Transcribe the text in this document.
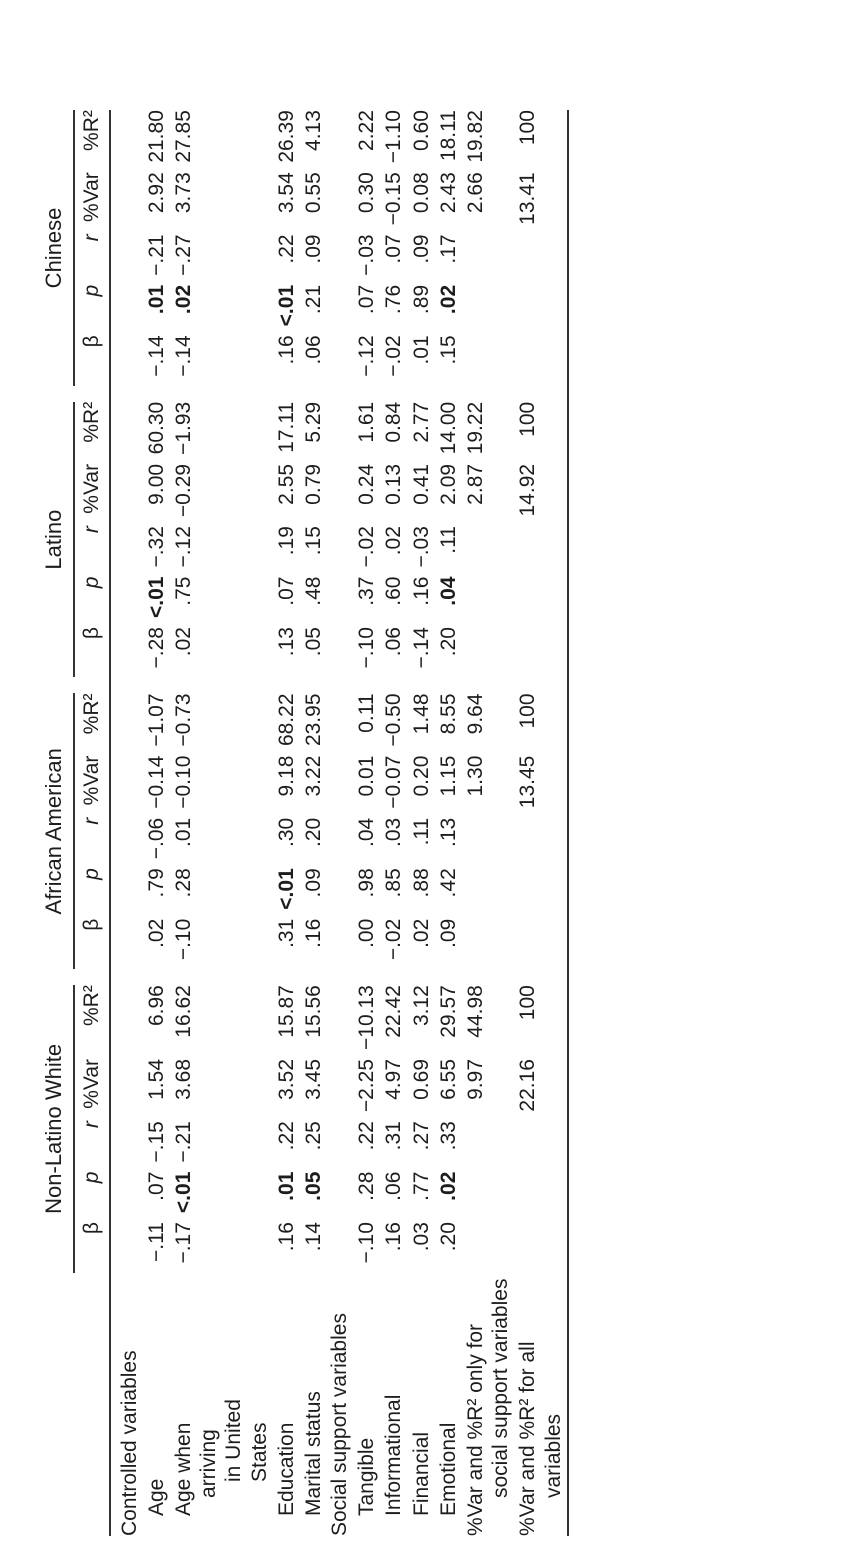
	Non-Latino White						African American						Latino						Chinese				
	β	p	r	%Var	%R²		β	p	r	%Var	%R²		β	p	r	%Var	%R²		β	p	r	%Var	%R²
Controlled variables																							

Age	−.11	.07	−.15	1.54	6.96		.02	.79	−.06	−0.14	−1.07		−.28	<.01	−.32	9.00	60.30		−.14	.01	−.21	2.92	21.80

Age when arriving in United States	−.17	<.01	−.21	3.68	16.62		−.10	.28	.01	−0.10	−0.73		.02	.75	−.12	−0.29	−1.93		−.14	.02	−.27	3.73	27.85

Education	.16	.01	.22	3.52	15.87		.31	<.01	.30	9.18	68.22		.13	.07	.19	2.55	17.11		.16	<.01	.22	3.54	26.39

Marital status	.14	.05	.25	3.45	15.56		.16	.09	.20	3.22	23.95		.05	.48	.15	0.79	5.29		.06	.21	.09	0.55	4.13
Social support variables																							

Tangible	−.10	.28	.22	−2.25	−10.13		.00	.98	.04	0.01	0.11		−.10	.37	−.02	0.24	1.61		−.12	.07	−.03	0.30	2.22

Informational	.16	.06	.31	4.97	22.42		−.02	.85	.03	−0.07	−0.50		.06	.60	.02	0.13	0.84		−.02	.76	.07	−0.15	−1.10

Financial	.03	.77	.27	0.69	3.12		.02	.88	.11	0.20	1.48		−.14	.16	−.03	0.41	2.77		.01	.89	.09	0.08	0.60

Emotional	.20	.02	.33	6.55	29.57		.09	.42	.13	1.15	8.55		.20	.04	.11	2.09	14.00		.15	.02	.17	2.43	18.11

%Var and %R² only for social support variables				9.97	44.98					1.30	9.64					2.87	19.22					2.66	19.82

%Var and %R² for all variables				22.16	100					13.45	100					14.92	100					13.41	100
